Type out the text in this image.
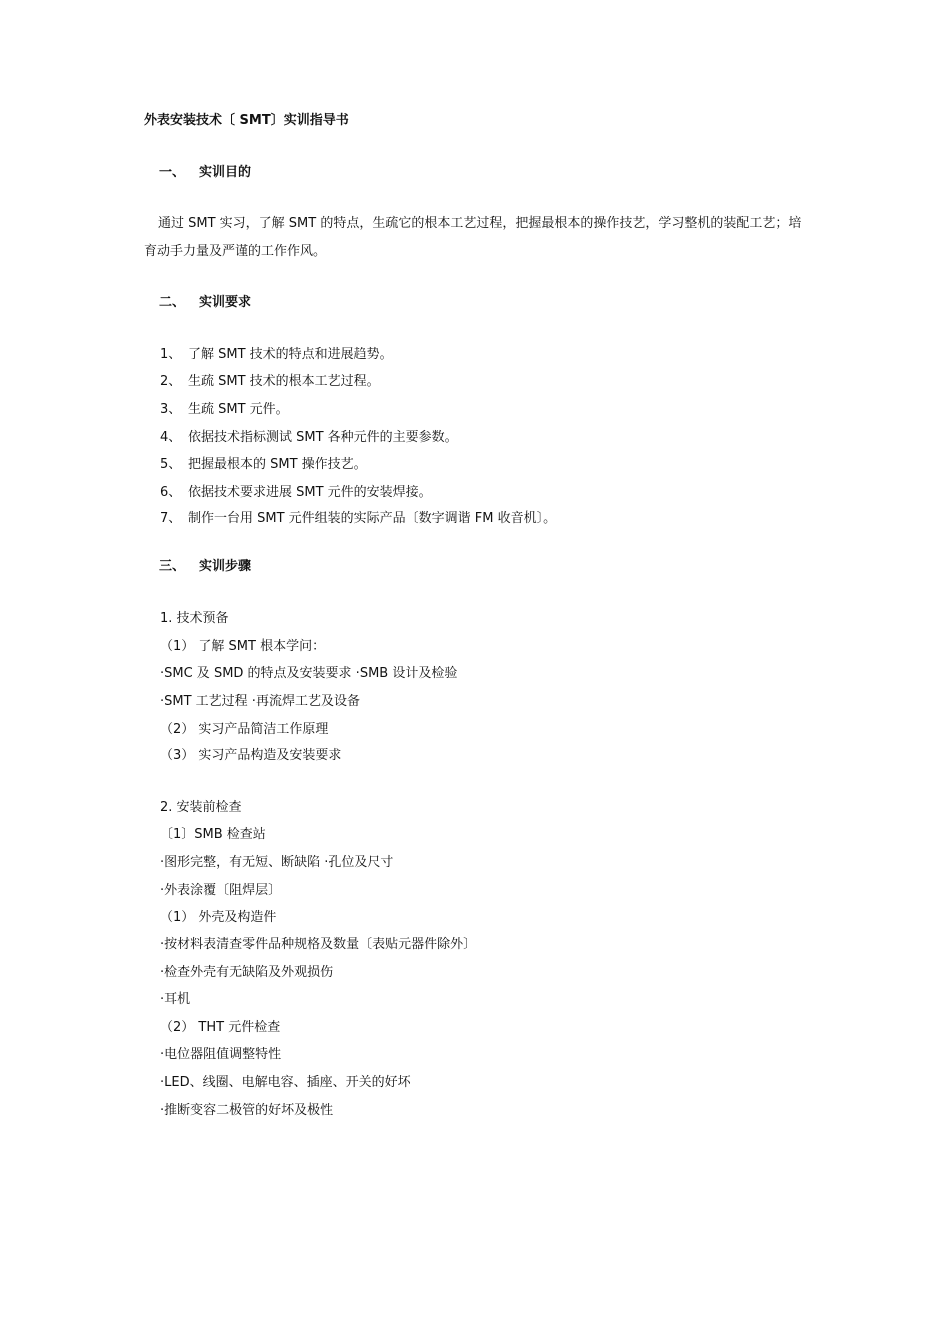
外表安装技术〔 SMT〕实训指导书
一、 实训目的
通过 SMT 实习，了解 SMT 的特点，生疏它的根本工艺过程，把握最根本的操作技艺，学习整机的装配工艺；培育动手力量及严谨的工作作风。
二、 实训要求
1、 了解 SMT 技术的特点和进展趋势。
2、 生疏 SMT 技术的根本工艺过程。
3、 生疏 SMT 元件。
4、 依据技术指标测试 SMT 各种元件的主要参数。
5、 把握最根本的 SMT 操作技艺。
6、 依据技术要求进展 SMT 元件的安装焊接。
7、 制作一台用 SMT 元件组装的实际产品〔数字调谐 FM 收音机〕。
三、 实训步骤
1. 技术预备
（1） 了解 SMT 根本学问：
·SMC 及 SMD 的特点及安装要求 ·SMB 设计及检验
·SMT 工艺过程 ·再流焊工艺及设备
（2） 实习产品简洁工作原理
（3） 实习产品构造及安装要求
2. 安装前检查
〔1〕SMB 检查站
·图形完整，有无短、断缺陷 ·孔位及尺寸
·外表涂覆〔阻焊层〕
（1） 外壳及构造件
·按材料表清查零件品种规格及数量〔表贴元器件除外〕
·检查外壳有无缺陷及外观损伤
·耳机
（2） THT 元件检查
·电位器阻值调整特性
·LED、线圈、电解电容、插座、开关的好坏
·推断变容二极管的好坏及极性
